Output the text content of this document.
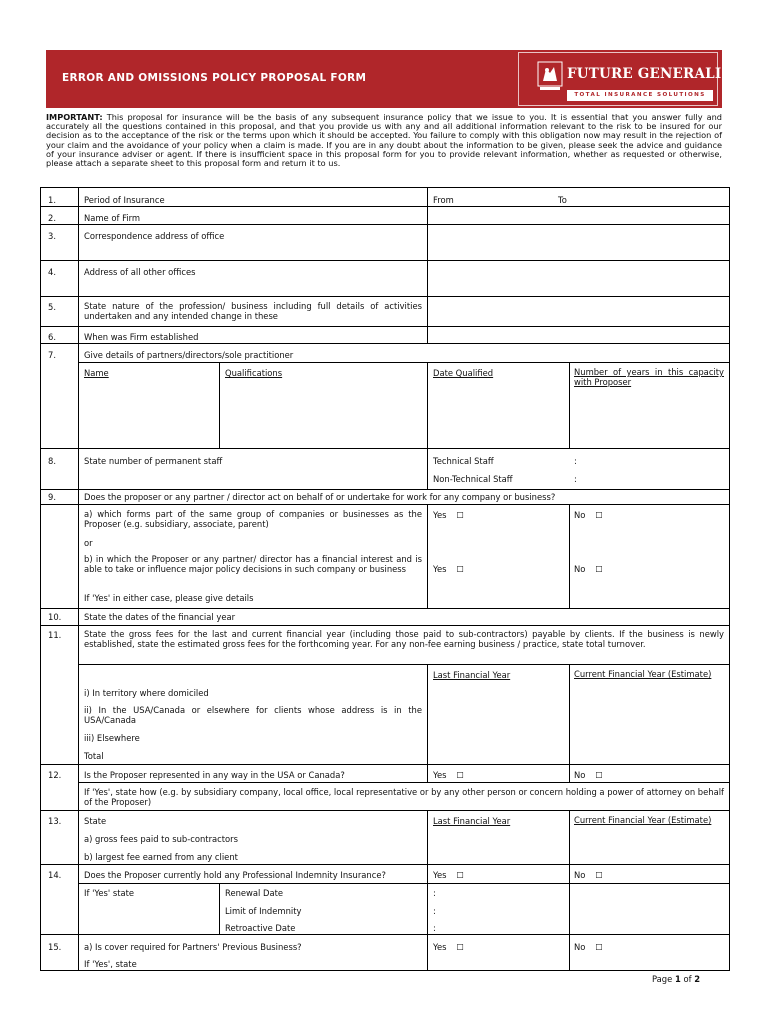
ERROR AND OMISSIONS POLICY PROPOSAL FORM	FUTURE GENERALI
TOTAL INSURANCE SOLUTIONS
IMPORTANT: This proposal for insurance will be the basis of any subsequent insurance policy that we issue to you. It is essential that you answer fully and accurately all the questions contained in this proposal, and that you provide us with any and all additional information relevant to the risk to be insured for our decision as to the acceptance of the risk or the terms upon which it should be accepted. You failure to comply with this obligation now may result in the rejection of your claim and the avoidance of your policy when a claim is made. If you are in any doubt about the information to be given, please seek the advice and guidance of your insurance adviser or agent. If there is insufficient space in this proposal form for you to provide relevant information, whether as requested or otherwise, please attach a separate sheet to this proposal form and return it to us.
1.	Period of Insurance	From	To
2.	Name of Firm
3.	Correspondence address of office
4.	Address of all other offices
5.	State nature of the profession/ business including full details of activities undertaken and any intended change in these
6.	When was Firm established
7.	Give details of partners/directors/sole practitioner
Name	Qualifications	Date Qualified	Number of years in this capacity with Proposer
8.	State number of permanent staff	Technical Staff	:
Non-Technical Staff	:
9.	Does the proposer or any partner / director act on behalf of or undertake for work for any company or business?
a) which forms part of the same group of companies or businesses as the Proposer (e.g. subsidiary, associate, parent)
Yes ☐	No ☐
or
b) in which the Proposer or any partner/ director has a financial interest and is able to take or influence major policy decisions in such company or business	Yes ☐	No ☐
If 'Yes' in either case, please give details
10.	State the dates of the financial year
11.	State the gross fees for the last and current financial year (including those paid to sub-contractors) payable by clients. If the business is newly established, state the estimated gross fees for the forthcoming year. For any non-fee earning business / practice, state total turnover.
Last Financial Year	Current Financial Year (Estimate)
i) In territory where domiciled
ii) In the USA/Canada or elsewhere for clients whose address is in the USA/Canada
iii) Elsewhere
Total
12.	Is the Proposer represented in any way in the USA or Canada?	Yes ☐	No ☐
If 'Yes', state how (e.g. by subsidiary company, local office, local representative or by any other person or concern holding a power of attorney on behalf of the Proposer)
13.	State	Last Financial Year	Current Financial Year (Estimate)
a) gross fees paid to sub-contractors
b) largest fee earned from any client
14.	Does the Proposer currently hold any Professional Indemnity Insurance?	Yes ☐	No ☐
If 'Yes' state	Renewal Date	:
Limit of Indemnity	:
Retroactive Date	:
15.	a) Is cover required for Partners' Previous Business?	Yes ☐	No ☐
If 'Yes', state
Page 1 of 2
